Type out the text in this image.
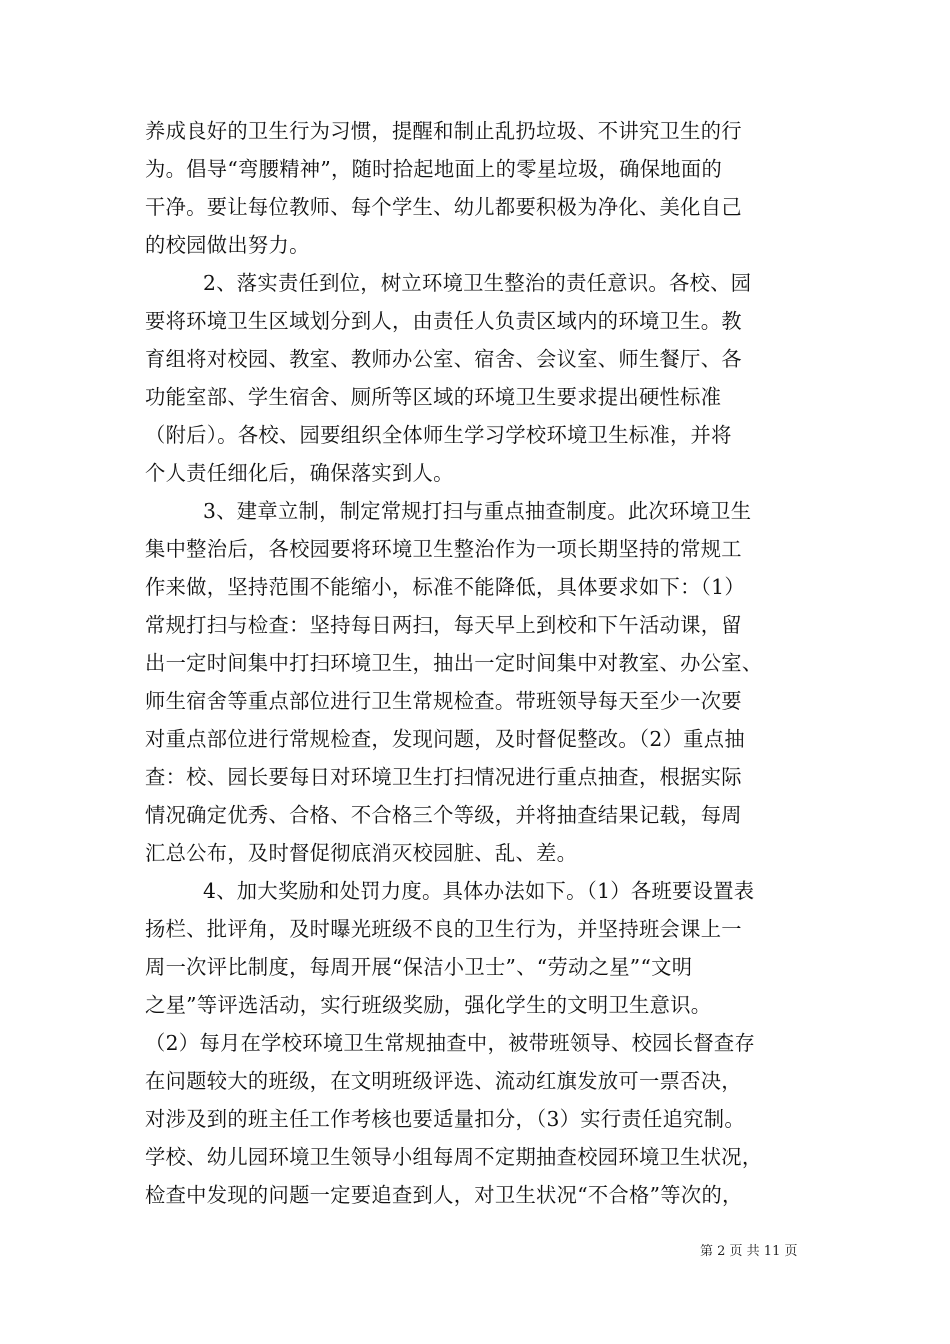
养成良好的卫生行为习惯，提醒和制止乱扔垃圾、不讲究卫生的行
为。倡导“弯腰精神”，随时拾起地面上的零星垃圾，确保地面的
干净。要让每位教师、每个学生、幼儿都要积极为净化、美化自己
的校园做出努力。
2、落实责任到位，树立环境卫生整治的责任意识。各校、园
要将环境卫生区域划分到人，由责任人负责区域内的环境卫生。教
育组将对校园、教室、教师办公室、宿舍、会议室、师生餐厅、各
功能室部、学生宿舍、厕所等区域的环境卫生要求提出硬性标准
（附后）。各校、园要组织全体师生学习学校环境卫生标准，并将
个人责任细化后，确保落实到人。
3、建章立制，制定常规打扫与重点抽查制度。此次环境卫生
集中整治后，各校园要将环境卫生整治作为一项长期坚持的常规工
作来做，坚持范围不能缩小，标准不能降低，具体要求如下：（1）
常规打扫与检查：坚持每日两扫，每天早上到校和下午活动课，留
出一定时间集中打扫环境卫生，抽出一定时间集中对教室、办公室、
师生宿舍等重点部位进行卫生常规检查。带班领导每天至少一次要
对重点部位进行常规检查，发现问题，及时督促整改。（2）重点抽
查：校、园长要每日对环境卫生打扫情况进行重点抽查，根据实际
情况确定优秀、合格、不合格三个等级，并将抽查结果记载，每周
汇总公布，及时督促彻底消灭校园脏、乱、差。
4、加大奖励和处罚力度。具体办法如下。（1）各班要设置表
扬栏、批评角，及时曝光班级不良的卫生行为，并坚持班会课上一
周一次评比制度，每周开展“保洁小卫士”、“劳动之星”“文明
之星”等评选活动，实行班级奖励，强化学生的文明卫生意识。
（2）每月在学校环境卫生常规抽查中，被带班领导、校园长督查存
在问题较大的班级，在文明班级评选、流动红旗发放可一票否决，
对涉及到的班主任工作考核也要适量扣分，（3）实行责任追究制。
学校、幼儿园环境卫生领导小组每周不定期抽查校园环境卫生状况，
检查中发现的问题一定要追查到人，对卫生状况“不合格”等次的，
第 2 页 共 11 页
